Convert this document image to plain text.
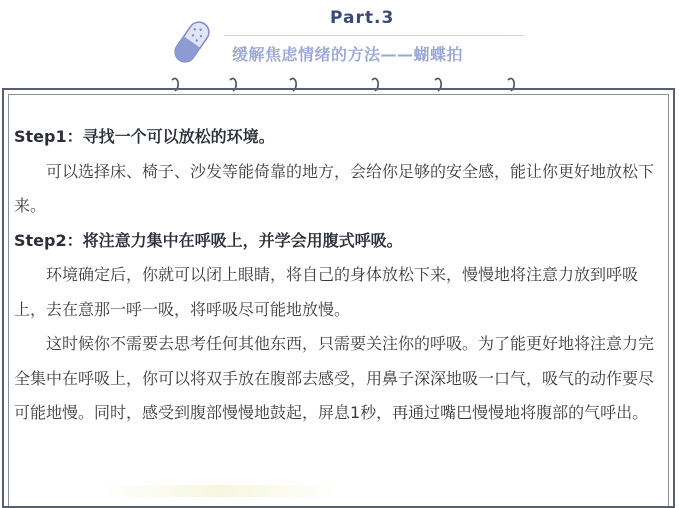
Part.3
缓解焦虑情绪的方法——蝴蝶拍

Step1：寻找一个可以放松的环境。

可以选择床、椅子、沙发等能倚靠的地方，会给你足够的安全感，能让你更好地放松下来。

Step2：将注意力集中在呼吸上，并学会用腹式呼吸。

环境确定后，你就可以闭上眼睛，将自己的身体放松下来，慢慢地将注意力放到呼吸上，去在意那一呼一吸，将呼吸尽可能地放慢。

这时候你不需要去思考任何其他东西，只需要关注你的呼吸。为了能更好地将注意力完全集中在呼吸上，你可以将双手放在腹部去感受，用鼻子深深地吸一口气，吸气的动作要尽可能地慢。同时，感受到腹部慢慢地鼓起，屏息1秒，再通过嘴巴慢慢地将腹部的气呼出。
